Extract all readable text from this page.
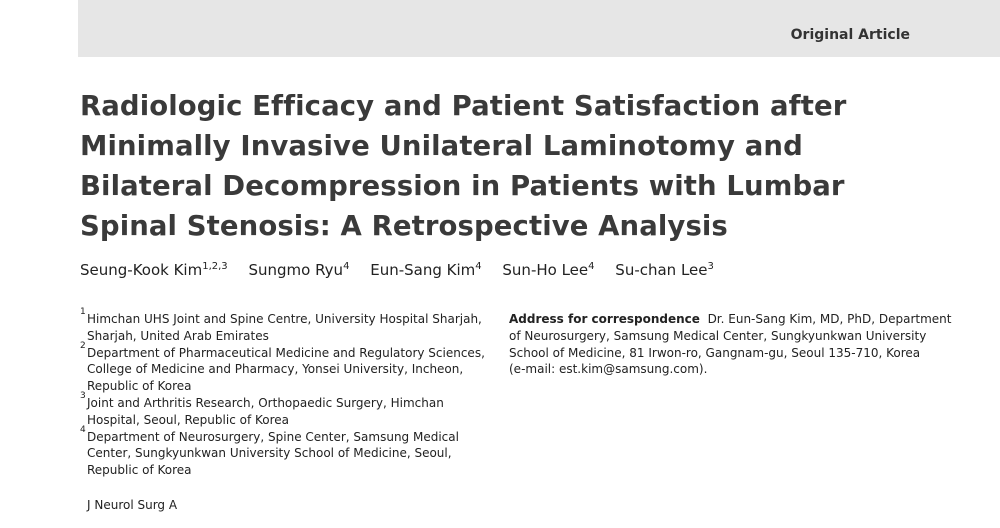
Original Article
Radiologic Efficacy and Patient Satisfaction after
Minimally Invasive Unilateral Laminotomy and
Bilateral Decompression in Patients with Lumbar
Spinal Stenosis: A Retrospective Analysis
Seung-Kook Kim$^{1,2,3}$ Sungmo Ryu$^4$ Eun-Sang Kim$^4$ Sun-Ho Lee$^4$ Su-chan Lee$^3$

1 Himchan UHS Joint and Spine Centre, University Hospital Sharjah,
Sharjah, United Arab Emirates

2 Department of Pharmaceutical Medicine and Regulatory Sciences,
College of Medicine and Pharmacy, Yonsei University, Incheon,
Republic of Korea

3 Joint and Arthritis Research, Orthopaedic Surgery, Himchan
Hospital, Seoul, Republic of Korea

4 Department of Neurosurgery, Spine Center, Samsung Medical
Center, Sungkyunkwan University School of Medicine, Seoul,
Republic of Korea

J Neurol Surg A
Address for correspondence Dr. Eun-Sang Kim, MD, PhD, Department
of Neurosurgery, Samsung Medical Center, Sungkyunkwan University
School of Medicine, 81 Irwon-ro, Gangnam-gu, Seoul 135-710, Korea
(e-mail: est.kim@samsung.com).
